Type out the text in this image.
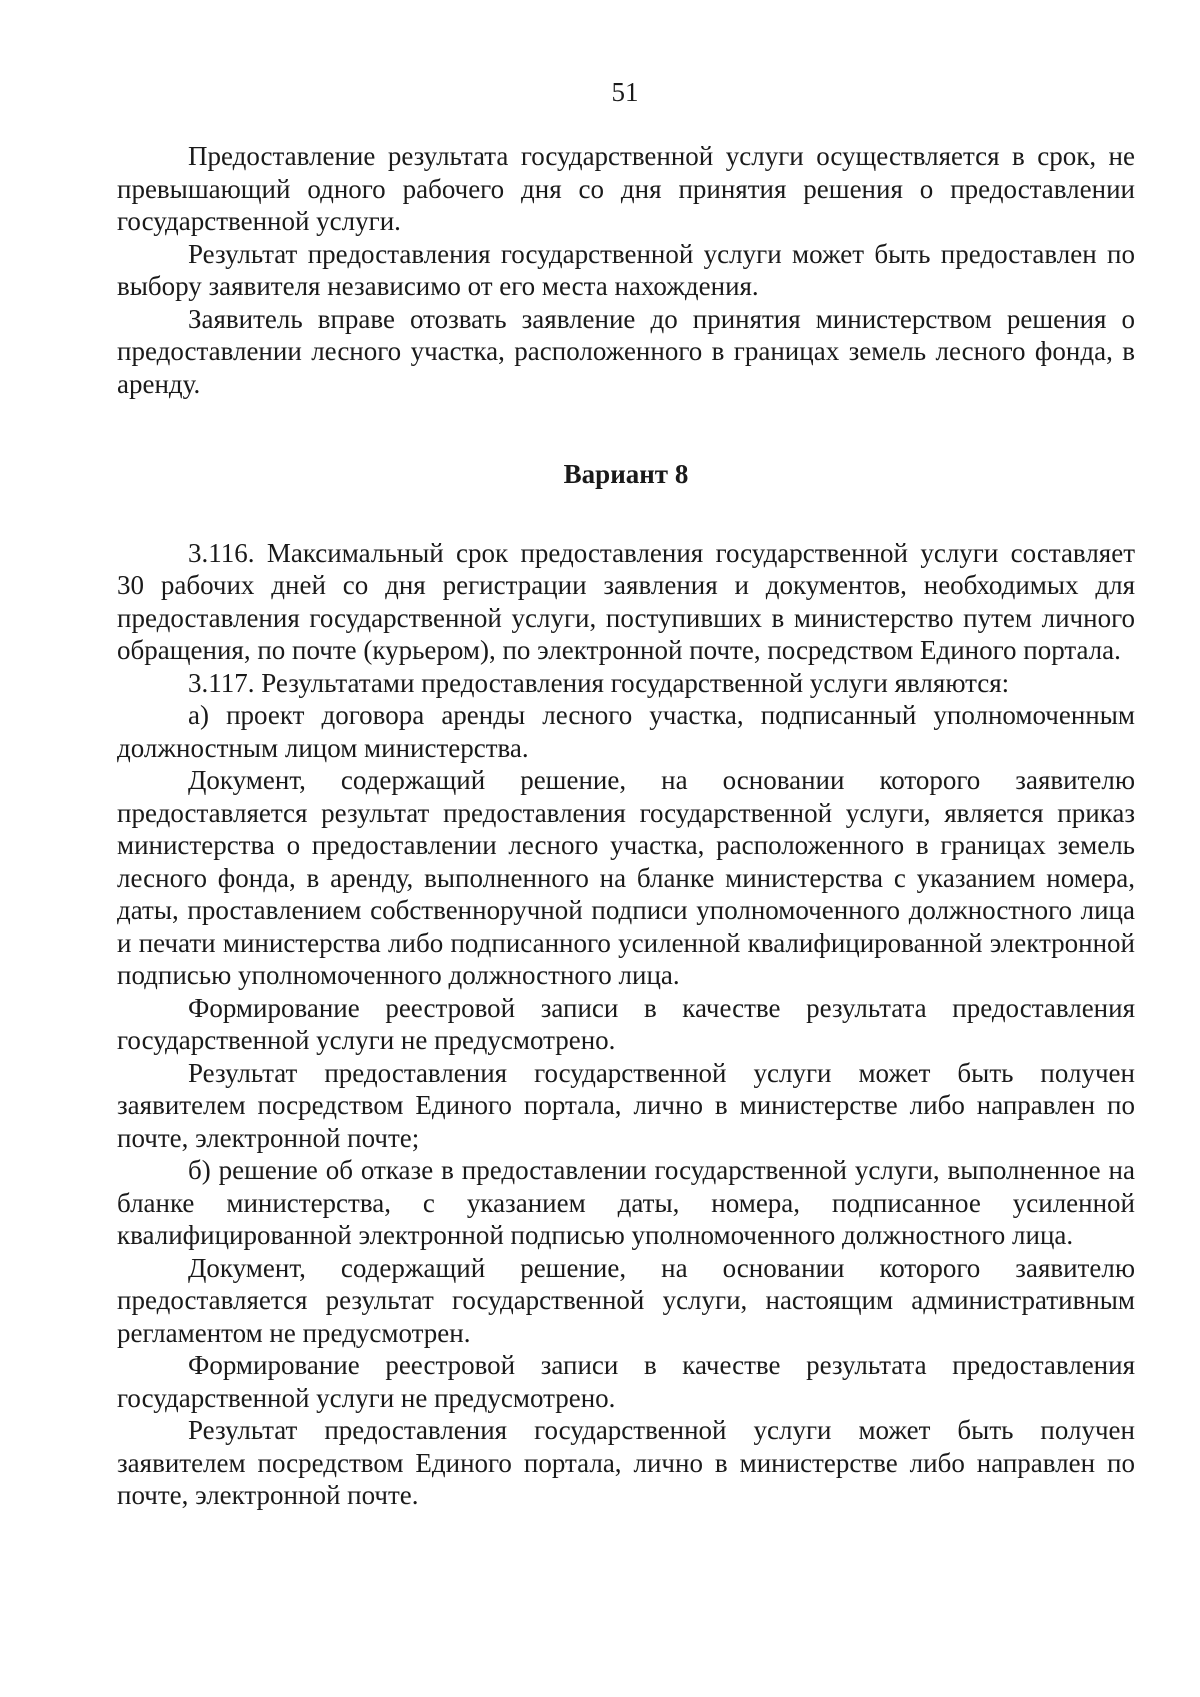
51

Предоставление результата государственной услуги осуществляется в срок, не превышающий одного рабочего дня со дня принятия решения о предоставлении государственной услуги.

Результат предоставления государственной услуги может быть предоставлен по выбору заявителя независимо от его места нахождения.

Заявитель вправе отозвать заявление до принятия министерством решения о предоставлении лесного участка, расположенного в границах земель лесного фонда, в аренду.

Вариант 8

3.116. Максимальный срок предоставления государственной услуги составляет 30 рабочих дней со дня регистрации заявления и документов, необходимых для предоставления государственной услуги, поступивших в министерство путем личного обращения, по почте (курьером), по электронной почте, посредством Единого портала.

3.117. Результатами предоставления государственной услуги являются:

а) проект договора аренды лесного участка, подписанный уполномоченным должностным лицом министерства.

Документ, содержащий решение, на основании которого заявителю предоставляется результат предоставления государственной услуги, является приказ министерства о предоставлении лесного участка, расположенного в границах земель лесного фонда, в аренду, выполненного на бланке министерства с указанием номера, даты, проставлением собственноручной подписи уполномоченного должностного лица и печати министерства либо подписанного усиленной квалифицированной электронной подписью уполномоченного должностного лица.

Формирование реестровой записи в качестве результата предоставления государственной услуги не предусмотрено.

Результат предоставления государственной услуги может быть получен заявителем посредством Единого портала, лично в министерстве либо направлен по почте, электронной почте;

б) решение об отказе в предоставлении государственной услуги, выполненное на бланке министерства, с указанием даты, номера, подписанное усиленной квалифицированной электронной подписью уполномоченного должностного лица.

Документ, содержащий решение, на основании которого заявителю предоставляется результат государственной услуги, настоящим административным регламентом не предусмотрен.

Формирование реестровой записи в качестве результата предоставления государственной услуги не предусмотрено.

Результат предоставления государственной услуги может быть получен заявителем посредством Единого портала, лично в министерстве либо направлен по почте, электронной почте.
